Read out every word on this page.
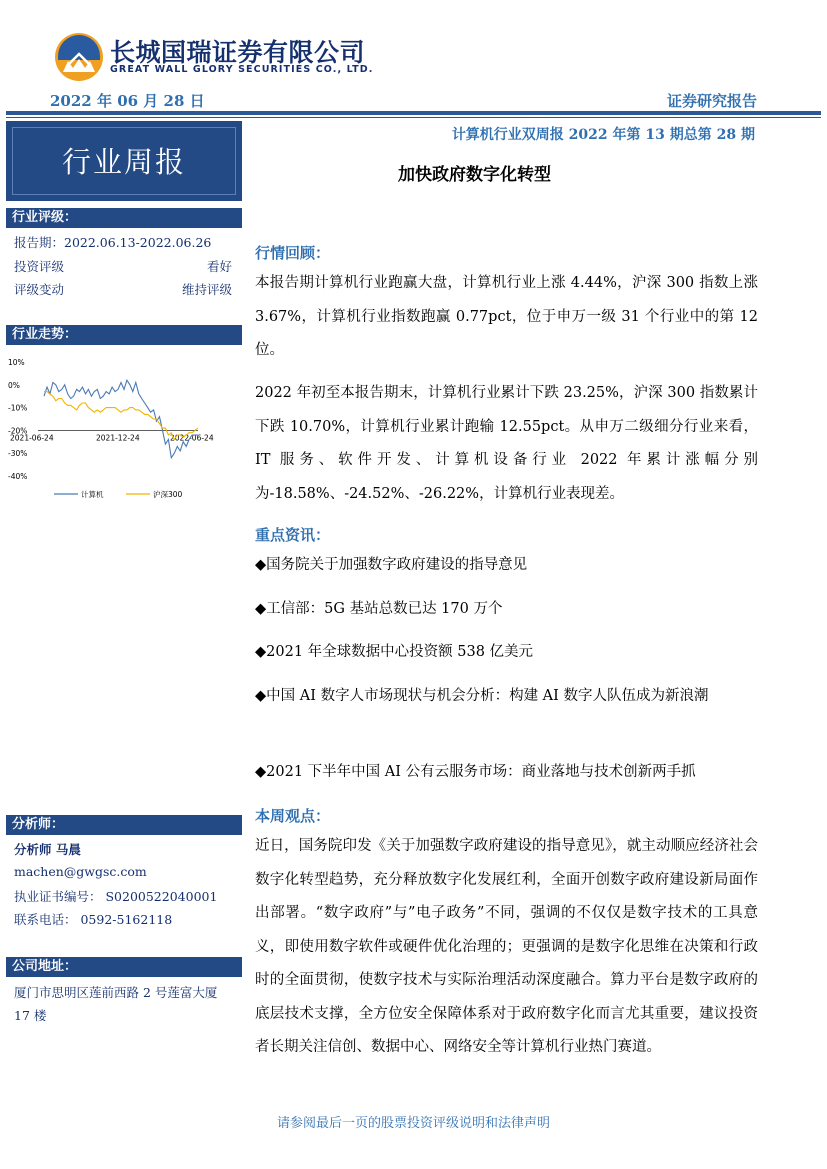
长城国瑞证券有限公司
GREAT WALL GLORY SECURITIES CO., LTD.
2022 年 06 月 28 日	证券研究报告
行业周报
行业评级：
报告期：2022.06.13-2022.06.26
投资评级	看好
评级变动	维持评级
行业走势：
10%
0%
-10%
-20%
-30%
-40%
2021-06-24	2021-12-24	2022-06-24
计算机	沪深300
分析师：
分析师 马晨
machen@gwgsc.com
执业证书编号： S0200522040001
联系电话： 0592-5162118
公司地址：
厦门市思明区莲前西路 2 号莲富大厦 17 楼
计算机行业双周报 2022 年第 13 期总第 28 期
加快政府数字化转型
行情回顾：
本报告期计算机行业跑赢大盘，计算机行业上涨 4.44%，沪深 300 指数上涨 3.67%，计算机行业指数跑赢 0.77pct，位于申万一级 31 个行业中的第 12 位。
2022 年初至本报告期末，计算机行业累计下跌 23.25%，沪深 300 指数累计下跌 10.70%，计算机行业累计跑输 12.55pct。从申万二级细分行业来看，IT 服务、软件开发、计算机设备行业 2022 年累计涨幅分别为-18.58%、-24.52%、-26.22%，计算机行业表现差。
重点资讯：
◆国务院关于加强数字政府建设的指导意见
◆工信部：5G 基站总数已达 170 万个
◆2021 年全球数据中心投资额 538 亿美元
◆中国 AI 数字人市场现状与机会分析：构建 AI 数字人队伍成为新浪潮
◆2021 下半年中国 AI 公有云服务市场：商业落地与技术创新两手抓
本周观点：
近日，国务院印发《关于加强数字政府建设的指导意见》，就主动顺应经济社会数字化转型趋势，充分释放数字化发展红利，全面开创数字政府建设新局面作出部署。“数字政府”与”电子政务”不同，强调的不仅仅是数字技术的工具意义，即使用数字软件或硬件优化治理的；更强调的是数字化思维在决策和行政时的全面贯彻，使数字技术与实际治理活动深度融合。算力平台是数字政府的底层技术支撑，全方位安全保障体系对于政府数字化而言尤其重要，建议投资者长期关注信创、数据中心、网络安全等计算机行业热门赛道。
请参阅最后一页的股票投资评级说明和法律声明
